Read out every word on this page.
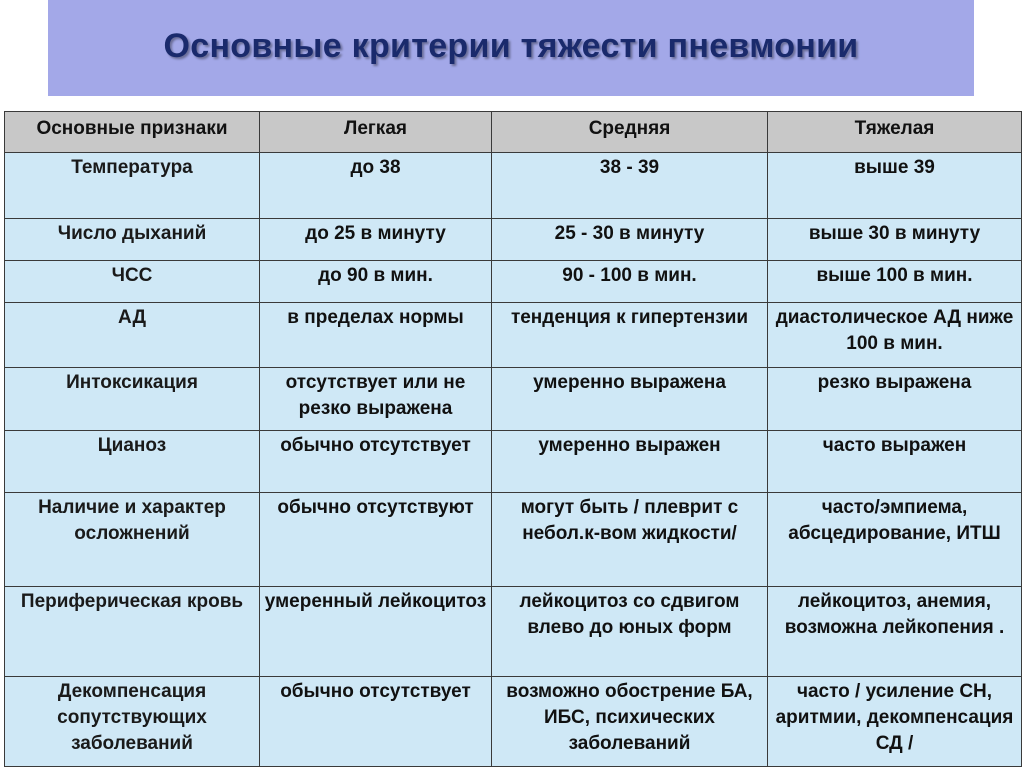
Основные критерии тяжести пневмонии
Основные признаки	Легкая	Средняя	Тяжелая
Температура	до 38	38 - 39	выше 39
Число дыханий	до 25 в минуту	25 - 30 в минуту	выше 30 в минуту
ЧСС	до 90 в мин.	90 - 100 в мин.	выше 100 в мин.
АД	в пределах нормы	тенденция к гипертензии	диастолическое АД ниже 100 в мин.
Интоксикация	отсутствует или не резко выражена	умеренно выражена	резко выражена
Цианоз	обычно отсутствует	умеренно выражен	часто выражен
Наличие и характер осложнений	обычно отсутствуют	могут быть / плеврит с небол.к-вом жидкости/	часто/эмпиема, абсцедирование, ИТШ
Периферическая кровь	умеренный лейкоцитоз	лейкоцитоз со сдвигом влево до юных форм	лейкоцитоз, анемия, возможна лейкопения .
Декомпенсация сопутствующих заболеваний	обычно отсутствует	возможно обострение БА, ИБС, психических заболеваний	часто / усиление СН, аритмии, декомпенсация СД /
